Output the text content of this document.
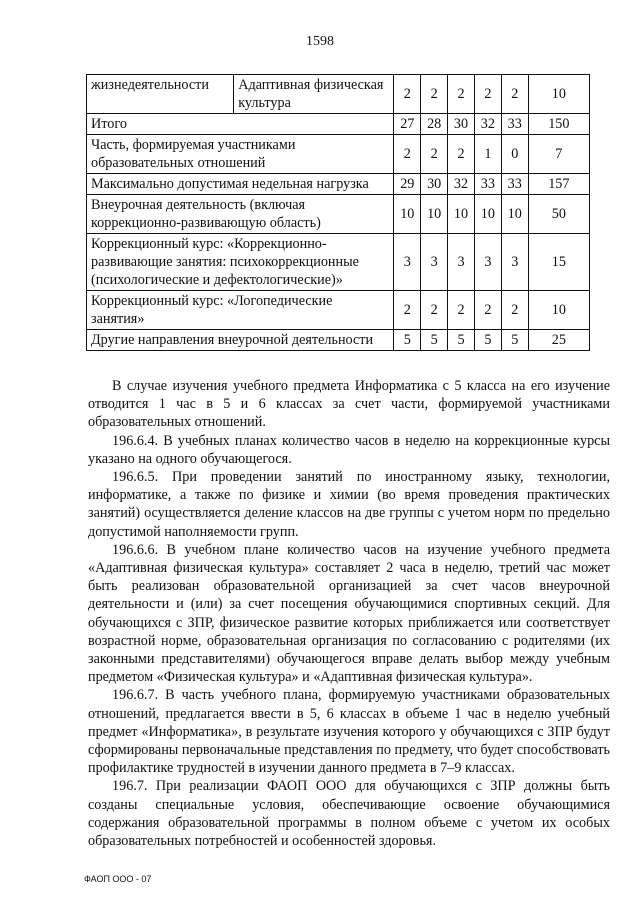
1598
жизнедеятельности	Адаптивная физическая культура	2	2	2	2	2	10
Итого		27	28	30	32	33	150
Часть, формируемая участниками образовательных отношений		2	2	2	1	0	7
Максимально допустимая недельная нагрузка		29	30	32	33	33	157
Внеурочная деятельность (включая коррекционно-развивающую область)		10	10	10	10	10	50
Коррекционный курс: «Коррекционно-развивающие занятия: психокоррекционные (психологические и дефектологические)»		3	3	3	3	3	15
Коррекционный курс: «Логопедические занятия»		2	2	2	2	2	10
Другие направления внеурочной деятельности		5	5	5	5	5	25

В случае изучения учебного предмета Информатика с 5 класса на его изучение отводится 1 час в 5 и 6 классах за счет части, формируемой участниками образовательных отношений.

196.6.4. В учебных планах количество часов в неделю на коррекционные курсы указано на одного обучающегося.

196.6.5. При проведении занятий по иностранному языку, технологии, информатике, а также по физике и химии (во время проведения практических занятий) осуществляется деление классов на две группы с учетом норм по предельно допустимой наполняемости групп.

196.6.6. В учебном плане количество часов на изучение учебного предмета «Адаптивная физическая культура» составляет 2 часа в неделю, третий час может быть реализован образовательной организацией за счет часов внеурочной деятельности и (или) за счет посещения обучающимися спортивных секций. Для обучающихся с ЗПР, физическое развитие которых приближается или соответствует возрастной норме, образовательная организация по согласованию с родителями (их законными представителями) обучающегося вправе делать выбор между учебным предметом «Физическая культура» и «Адаптивная физическая культура».

196.6.7. В часть учебного плана, формируемую участниками образовательных отношений, предлагается ввести в 5, 6 классах в объеме 1 час в неделю учебный предмет «Информатика», в результате изучения которого у обучающихся с ЗПР будут сформированы первоначальные представления по предмету, что будет способствовать профилактике трудностей в изучении данного предмета в 7–9 классах.

196.7. При реализации ФАОП ООО для обучающихся с ЗПР должны быть созданы специальные условия, обеспечивающие освоение обучающимися содержания образовательной программы в полном объеме с учетом их особых образовательных потребностей и особенностей здоровья.

ФАОП ООО - 07
